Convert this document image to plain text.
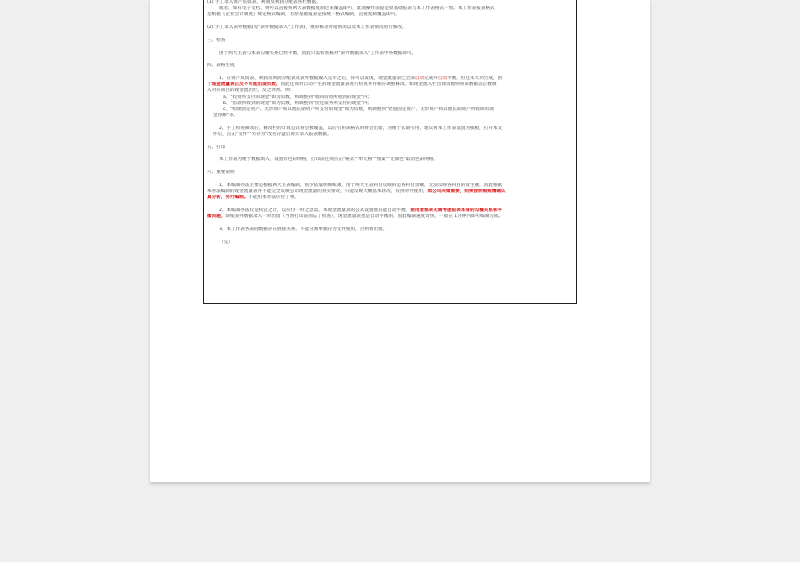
(1) 手工录入资产负债表、利润及利润分配表各栏数据。

或者，如有电子文档，则可以直接将两大表数据复制过来覆盖即可，此项操作前提是原基础报表与本工作表格式一致。本工作表报表格式

是根据《企业会计制度》规定格式编制，若原基础报表是按统一格式编制，直接复制覆盖即可。

(2) 手工录入表外数据(见"表外数据录入"工作表)，视审核等对错情况以及本工作表情况进行修改。

三、检查

由于两大主表与本表勾稽关系已经平衡，因此只需检查核对"表外数据录入"工作表中各数据即可。

四、表格生成

1、在资产负债表、利润及利润分配表及表外数据输入完毕之后，你可以发现，现金流量表已全部自动完成并自动平衡，但还未大功告成，由

于现金流量表正反不可能出现负数，因此还须对自动产生的现金流量表进行检查并作相应调整修改。如现金流入栏出现负数则将该数据以正数填

入对应项目的现金流出栏。反之亦然。例：

a、"投资所支付的现金"如为负数，则调整到"收回投资所收到的现金"内；

b、"借款所收到的现金"如为负数，则调整到"偿还债务所支付的现金"内；

c、"购建固定资产、无形资产和其他长期资产所支付的现金"如为负数，则调整到"处置固定资产、无形资产和其他长期资产所收回的现

金净额"等。

2、手工检查修改后，修改栏的计算公式将会被覆盖，以后引用该格式时将会出错，为便于长期引用，建议将本工作表设置为模板，打开本文

件后，点击"文件""另存为"改名存盘后再计录入报表数据。

五、打印

本工作表为便于数据填入，设置有色彩网格，打印前还须点击"格式""单元格""图案""无颜色"取消色彩网格。

六、重要说明

1、本编制办法主要是根据两大主表编制，很少依靠明细账簿，由于两大主表科目反映的是各科目余额，无法反映各科目的发生额，因此根据

本办法编制的现金流量表并不能完全反映公司现金流量的真实情况，只能反映大概基本状况，仅供对外使用，如公司决策需要，则须按明细账精确认

真分析，另行编制。不能用本办法应付了事。

2、本编制办法仅是权宜之计，以应付一时之急需，本现金流量表的公式设置使其能自动平衡，使用者都来无需考虑报表本身的勾稽关系和平

衡问题，即使表外数据录入一时出错（当然打印前别忘了检查），现金流量表也是自动平衡的，因此编制速度奇快，一般在 1分钟内即可编制完成。

3、本工作表各表间数据存在链接关系，不能分割单独存为文件使用，否则将出错。

（完）
